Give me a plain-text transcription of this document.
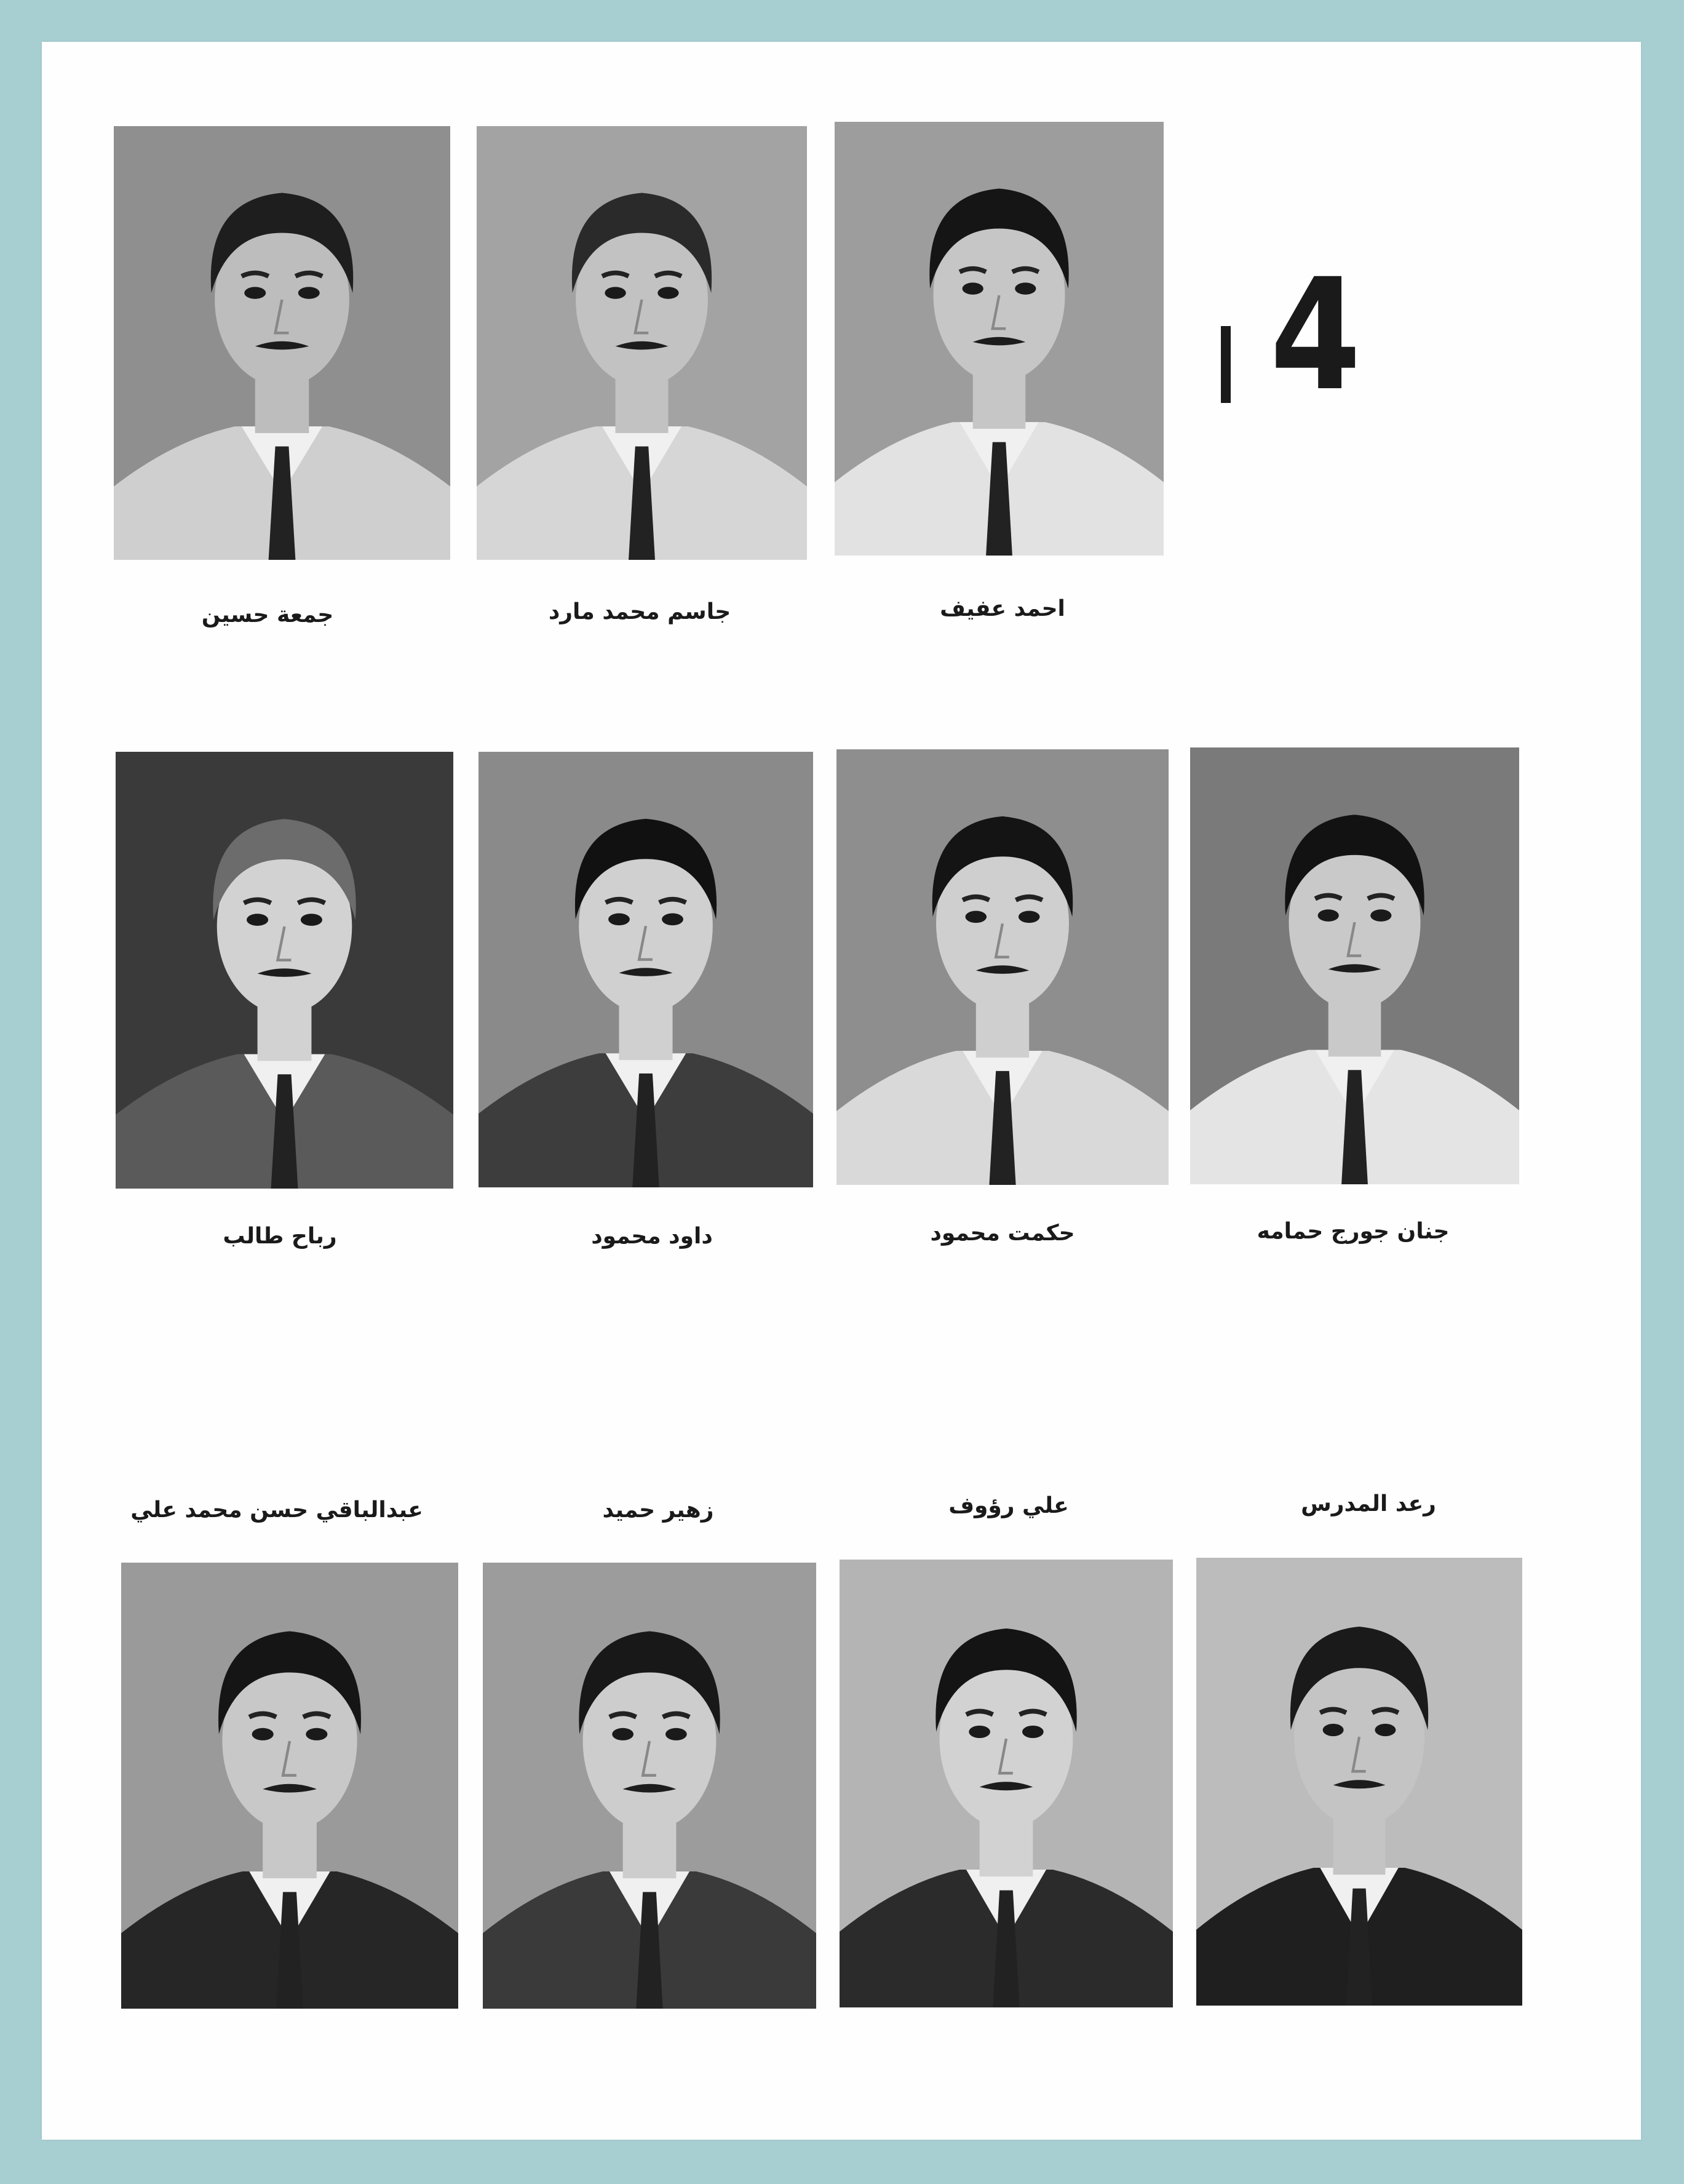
جمعة حسين	جاسم محمد مارد	احمد عفيف
4
رباح طالب	داود محمود	حكمت محمود	جنان جورج حمامه
عبدالباقي حسن محمد علي	زهير حميد	علي رؤوف	رعد المدرس
